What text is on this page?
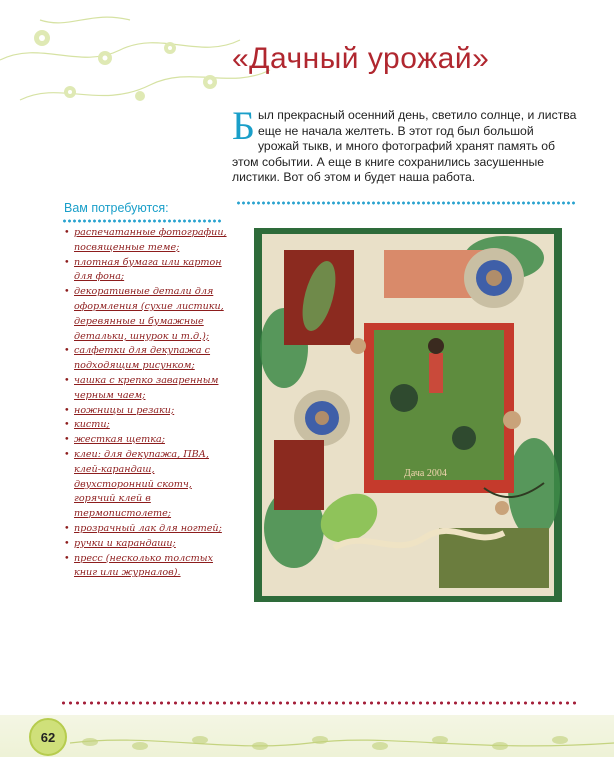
«Дачный урожай»
Был прекрасный осенний день, светило солнце, и листва еще не начала желтеть. В этот год был большой урожай тыкв, и много фотографий хранят память об этом событии. А еще в книге сохранились засушенные листики. Вот об этом и будет наша работа.
Вам потребуются:
• распечатанные фотографии, посвященные теме;
• плотная бумага или картон для фона;
• декоративные детали для оформления (сухие листики, деревянные и бумажные детальки, шнурок и т.д.);
• салфетки для декупажа с подходящим рисунком;
• чашка с крепко заваренным черным чаем;
• ножницы и резаки;
• кисти;
• жесткая щетка;
• клеи: для декупажа, ПВА, клей-карандаш, двухсторонний скотч, горячий клей в термопистолете;
• прозрачный лак для ногтей;
• ручки и карандаши;
• пресс (несколько толстых книг или журналов).
Дача 2004
62
